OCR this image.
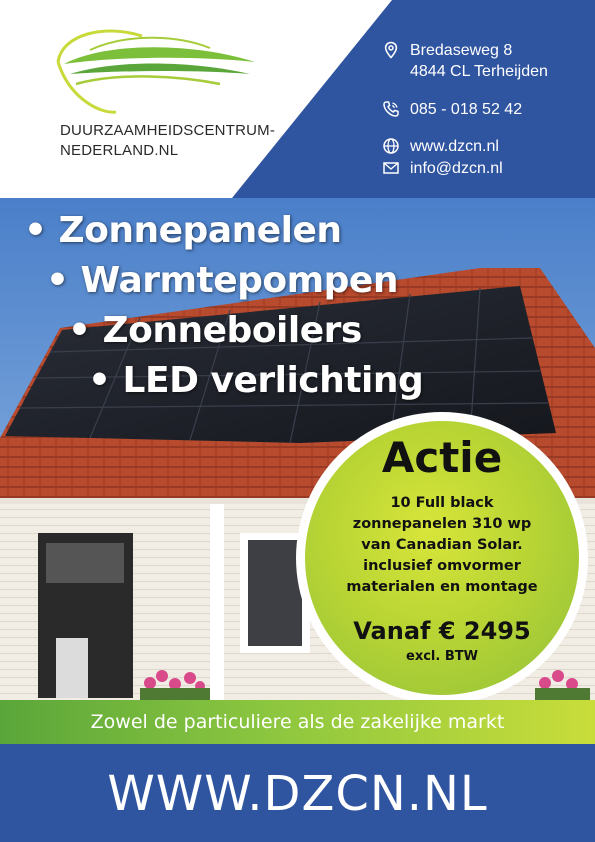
DUURZAAMHEIDSCENTRUM-
NEDERLAND.NL
Bredaseweg 8
4844 CL Terheijden
085 - 018 52 42
www.dzcn.nl
info@dzcn.nl
• Zonnepanelen
• Warmtepompen
• Zonneboilers
• LED verlichting
Actie
10 Full black
zonnepanelen 310 wp
van Canadian Solar.
inclusief omvormer
materialen en montage
Vanaf € 2495
excl. BTW
Zowel de particuliere als de zakelijke markt
WWW.DZCN.NL
